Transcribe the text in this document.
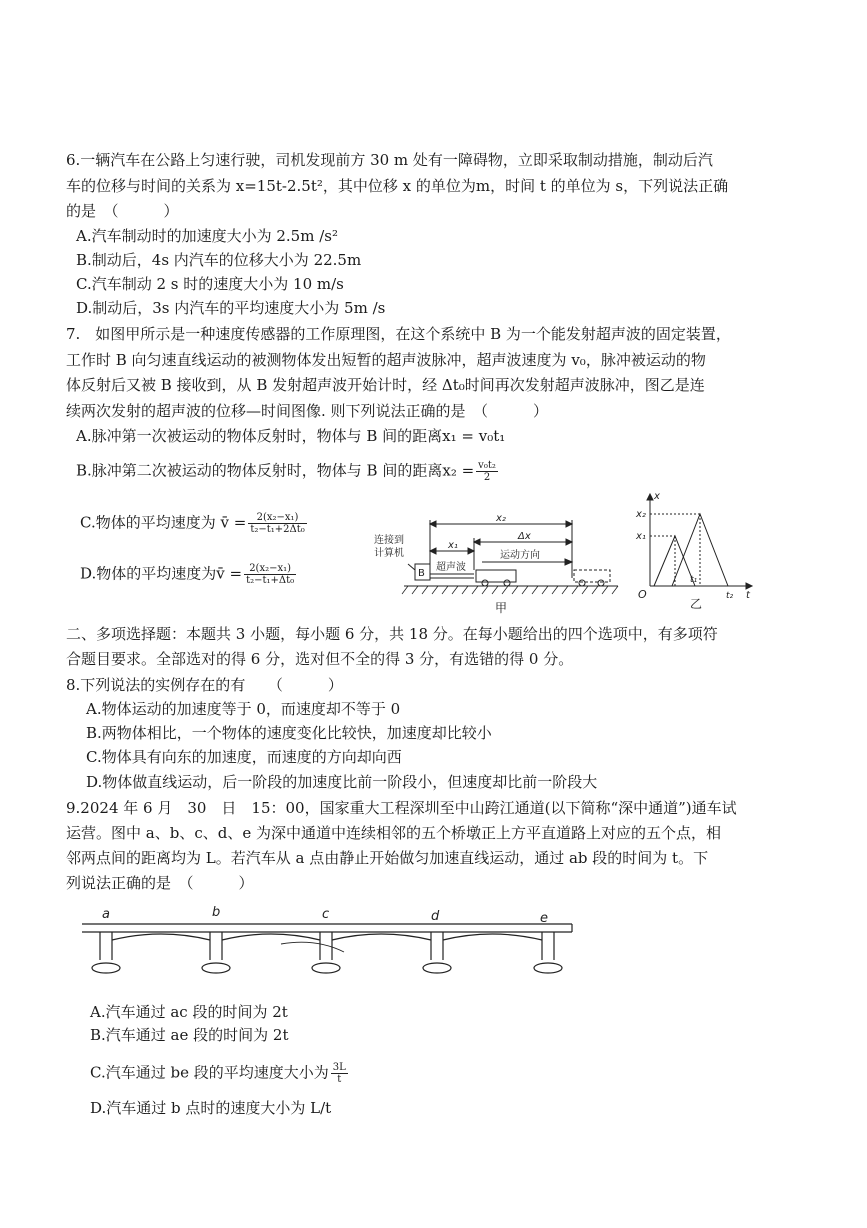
6.一辆汽车在公路上匀速行驶，司机发现前方 30 m 处有一障碍物，立即采取制动措施，制动后汽
车的位移与时间的关系为 x=15t-2.5t²，其中位移 x 的单位为m，时间 t 的单位为 s，下列说法正确
的是　（　　　）
A.汽车制动时的加速度大小为 2.5m /s²
B.制动后，4s 内汽车的位移大小为 22.5m
C.汽车制动 2 s 时的速度大小为 10 m/s
D.制动后，3s 内汽车的平均速度大小为 5m /s
7.　如图甲所示是一种速度传感器的工作原理图，在这个系统中 B 为一个能发射超声波的固定装置，
工作时 B 向匀速直线运动的被测物体发出短暂的超声波脉冲，超声波速度为 v₀，脉冲被运动的物
体反射后又被 B 接收到，从 B 发射超声波开始计时，经 Δt₀时间再次发射超声波脉冲，图乙是连
续两次发射的超声波的位移—时间图像. 则下列说法正确的是　（　　　）
A.脉冲第一次被运动的物体反射时，物体与 B 间的距离x₁ = v₀t₁
B.脉冲第二次被运动的物体反射时，物体与 B 间的距离$x_2 = \frac{\text{v₀t₂}}{2}$
C.物体的平均速度为 v̄ = $\frac{\text{2(x₂−x₁)}}{\text{t₂−t₁+2Δt₀}}$
D.物体的平均速度为v̄ = $\frac{\text{2(x₂−x₁)}}{\text{t₂−t₁+Δt₀}}$
连接到
计算机
B
超声波
运动方向
x₁
x₂
Δx
甲
x
t
O
x₁
x₂
t₁
t₂
乙
二、多项选择题：本题共 3 小题，每小题 6 分，共 18 分。在每小题给出的四个选项中，有多项符
合题目要求。全部选对的得 6 分，选对但不全的得 3 分，有选错的得 0 分。
8.下列说法的实例存在的有　　（　　　）
A.物体运动的加速度等于 0，而速度却不等于 0
B.两物体相比，一个物体的速度变化比较快，加速度却比较小
C.物体具有向东的加速度，而速度的方向却向西
D.物体做直线运动，后一阶段的加速度比前一阶段小，但速度却比前一阶段大
9.2024 年 6 月　30　日　15：00，国家重大工程深圳至中山跨江通道(以下简称“深中通道”)通车试
运营。图中 a、b、c、d、e 为深中通道中连续相邻的五个桥墩正上方平直道路上对应的五个点，相
邻两点间的距离均为 L。若汽车从 a 点由静止开始做匀加速直线运动，通过 ab 段的时间为 t。下
列说法正确的是　（　　　）
a	b	c	d	e
A.汽车通过 ac 段的时间为 2t
B.汽车通过 ae 段的时间为 2t
C.汽车通过 be 段的平均速度大小为 $\frac{3L}{t}$
D.汽车通过 b 点时的速度大小为 L/t
